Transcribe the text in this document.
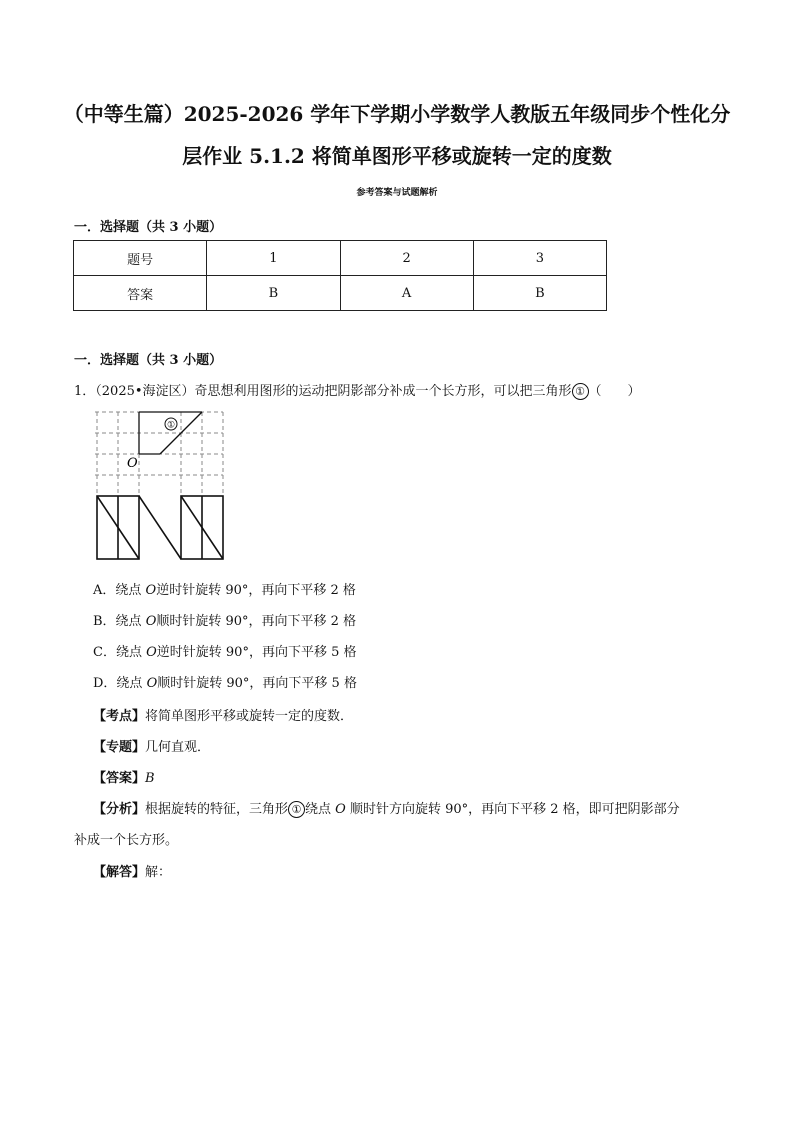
（中等生篇）2025-2026 学年下学期小学数学人教版五年级同步个性化分
层作业 5.1.2 将简单图形平移或旋转一定的度数
参考答案与试题解析
一．选择题（共 3 小题）
题号	1	2	3
答案	B	A	B
一．选择题（共 3 小题）
1．（2025•海淀区）奇思想利用图形的运动把阴影部分补成一个长方形，可以把三角形 ① （　　）
①
O
A．绕点 O逆时针旋转 90°，再向下平移 2 格
B．绕点 O顺时针旋转 90°，再向下平移 2 格
C．绕点 O逆时针旋转 90°，再向下平移 5 格
D．绕点 O顺时针旋转 90°，再向下平移 5 格
【考点】将简单图形平移或旋转一定的度数．
【专题】几何直观．
【答案】B
【分析】根据旋转的特征，三角形 ① 绕点 O 顺时针方向旋转 90°，再向下平移 2 格，即可把阴影部分
补成一个长方形。
【解答】解：
